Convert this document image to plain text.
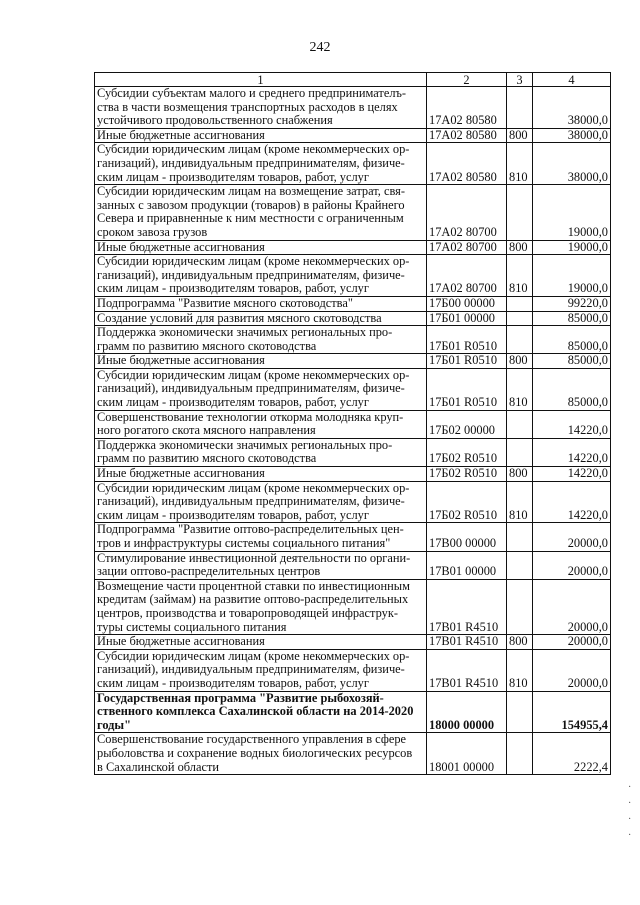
242
1	2	3	4
Субсидии субъектам малого и среднего предпринимателъ-
ства в части возмещения транспортных расходов в целях
устойчивого продовольственного снабжения	17А02 80580		38000,0
Иные бюджетные ассигнования	17А02 80580	800	38000,0
Субсидии юридическим лицам (кроме некоммерческих ор-
ганизаций), индивидуальным предпринимателям, физиче-
ским лицам - производителям товаров, работ, услуг	17А02 80580	810	38000,0
Субсидии юридическим лицам на возмещение затрат, свя-
занных с завозом продукции (товаров) в районы Крайнего
Севера и приравненные к ним местности с ограниченным
сроком завоза грузов	17А02 80700		19000,0
Иные бюджетные ассигнования	17А02 80700	800	19000,0
Субсидии юридическим лицам (кроме некоммерческих ор-
ганизаций), индивидуальным предпринимателям, физиче-
ским лицам - производителям товаров, работ, услуг	17А02 80700	810	19000,0
Подпрограмма "Развитие мясного скотоводства"	17Б00 00000		99220,0
Создание условий для развития мясного скотоводства	17Б01 00000		85000,0
Поддержка экономически значимых региональных про-
грамм по развитию мясного скотоводства	17Б01 R0510		85000,0
Иные бюджетные ассигнования	17Б01 R0510	800	85000,0
Субсидии юридическим лицам (кроме некоммерческих ор-
ганизаций), индивидуальным предпринимателям, физиче-
ским лицам - производителям товаров, работ, услуг	17Б01 R0510	810	85000,0
Совершенствование технологии откорма молодняка круп-
ного рогатого скота мясного направления	17Б02 00000		14220,0
Поддержка экономически значимых региональных про-
грамм по развитию мясного скотоводства	17Б02 R0510		14220,0
Иные бюджетные ассигнования	17Б02 R0510	800	14220,0
Субсидии юридическим лицам (кроме некоммерческих ор-
ганизаций), индивидуальным предпринимателям, физиче-
ским лицам - производителям товаров, работ, услуг	17Б02 R0510	810	14220,0
Подпрограмма "Развитие оптово-распределительных цен-
тров и инфраструктуры системы социального питания"	17В00 00000		20000,0
Стимулирование инвестиционной деятельности по органи-
зации оптово-распределительных центров	17В01 00000		20000,0
Возмещение части процентной ставки по инвестиционным
кредитам (займам) на развитие оптово-распределительных
центров, производства и товаропроводящей инфраструк-
туры системы социального питания	17В01 R4510		20000,0
Иные бюджетные ассигнования	17В01 R4510	800	20000,0
Субсидии юридическим лицам (кроме некоммерческих ор-
ганизаций), индивидуальным предпринимателям, физиче-
ским лицам - производителям товаров, работ, услуг	17В01 R4510	810	20000,0
Государственная программа "Развитие рыбохозяй-
ственного комплекса Сахалинской области на 2014-2020
годы"	18000 00000		154955,4
Совершенствование государственного управления в сфере
рыболовства и сохранение водных биологических ресурсов
в Сахалинской области	18001 00000		2222,4
·
·
·
·
